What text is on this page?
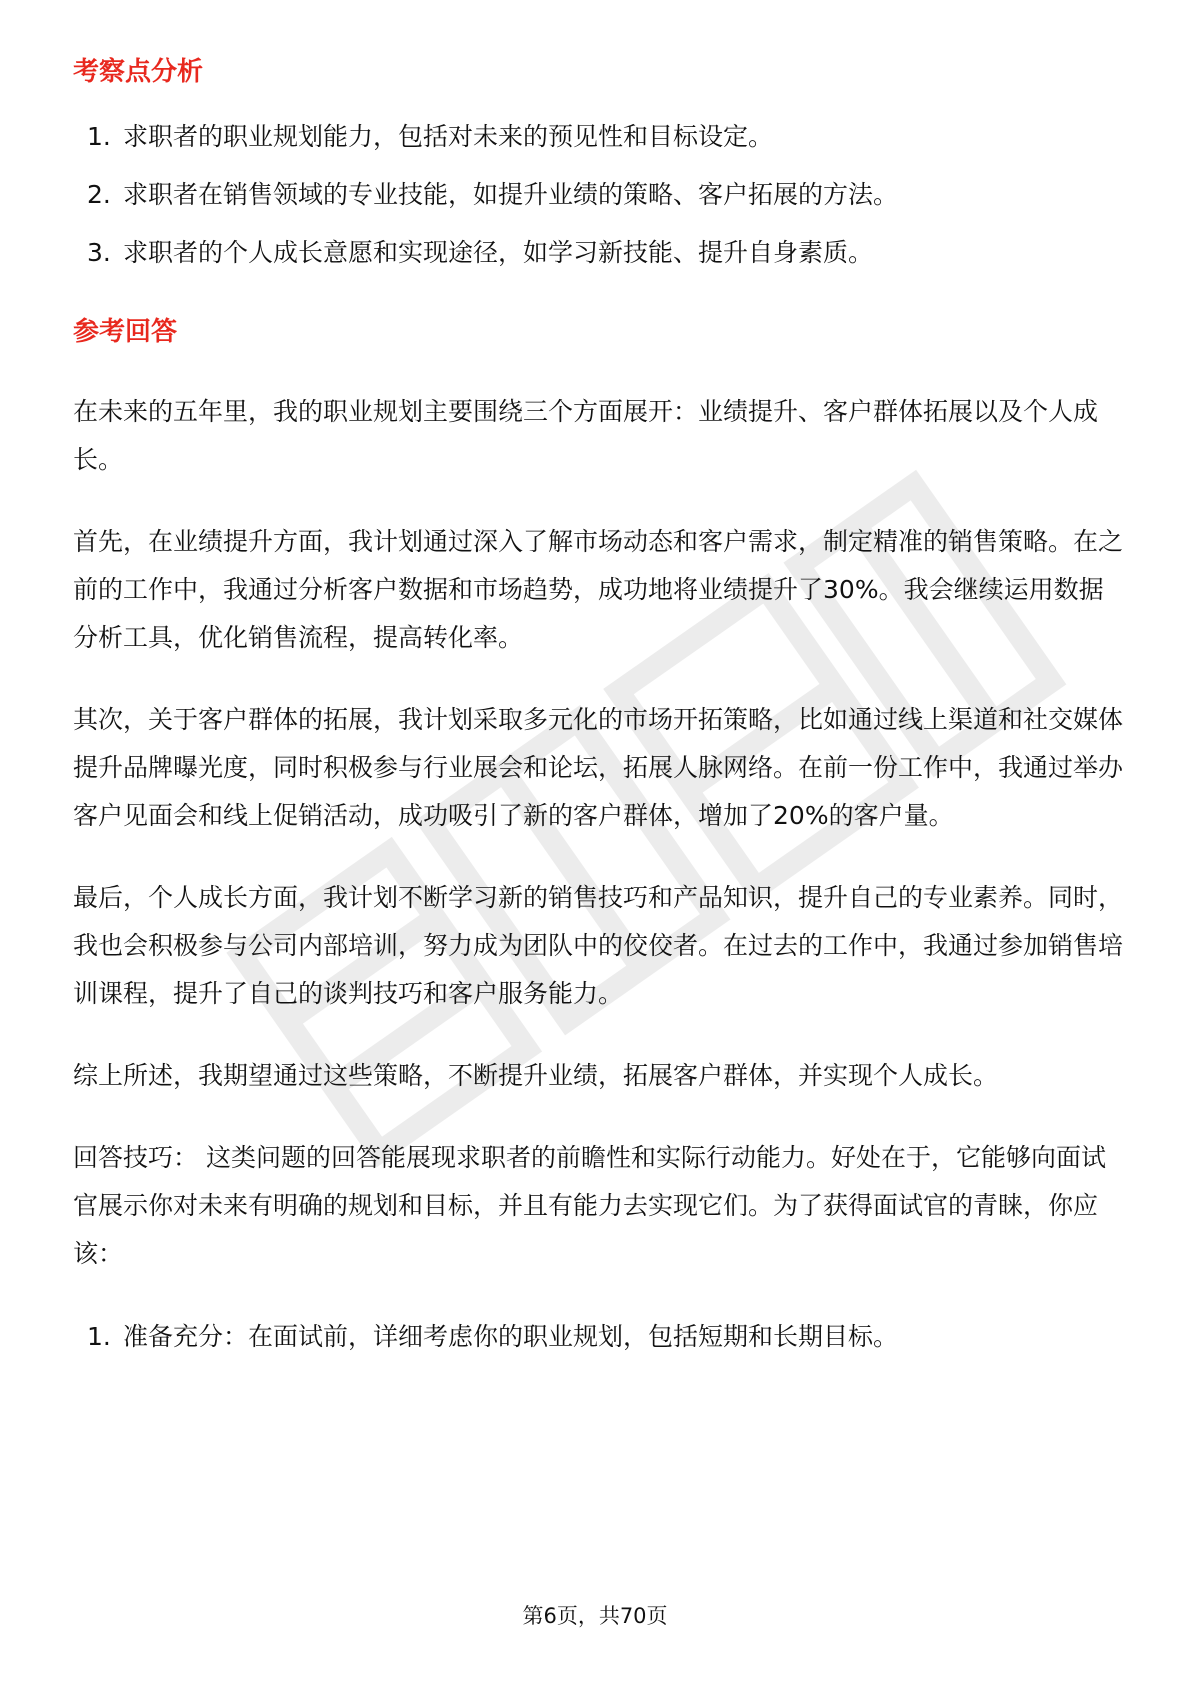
考察点分析
1. 求职者的职业规划能力，包括对未来的预见性和目标设定。
2. 求职者在销售领域的专业技能，如提升业绩的策略、客户拓展的方法。
3. 求职者的个人成长意愿和实现途径，如学习新技能、提升自身素质。
参考回答

在未来的五年里，我的职业规划主要围绕三个方面展开：业绩提升、客户群体拓展以及个人成长。

首先，在业绩提升方面，我计划通过深入了解市场动态和客户需求，制定精准的销售策略。在之前的工作中，我通过分析客户数据和市场趋势，成功地将业绩提升了30%。我会继续运用数据分析工具，优化销售流程，提高转化率。

其次，关于客户群体的拓展，我计划采取多元化的市场开拓策略，比如通过线上渠道和社交媒体提升品牌曝光度，同时积极参与行业展会和论坛，拓展人脉网络。在前一份工作中，我通过举办客户见面会和线上促销活动，成功吸引了新的客户群体，增加了20%的客户量。

最后，个人成长方面，我计划不断学习新的销售技巧和产品知识，提升自己的专业素养。同时，我也会积极参与公司内部培训，努力成为团队中的佼佼者。在过去的工作中，我通过参加销售培训课程，提升了自己的谈判技巧和客户服务能力。

综上所述，我期望通过这些策略，不断提升业绩，拓展客户群体，并实现个人成长。

回答技巧： 这类问题的回答能展现求职者的前瞻性和实际行动能力。好处在于，它能够向面试官展示你对未来有明确的规划和目标，并且有能力去实现它们。为了获得面试官的青睐，你应该：

1. 准备充分：在面试前，详细考虑你的职业规划，包括短期和长期目标。
第6页，共70页
